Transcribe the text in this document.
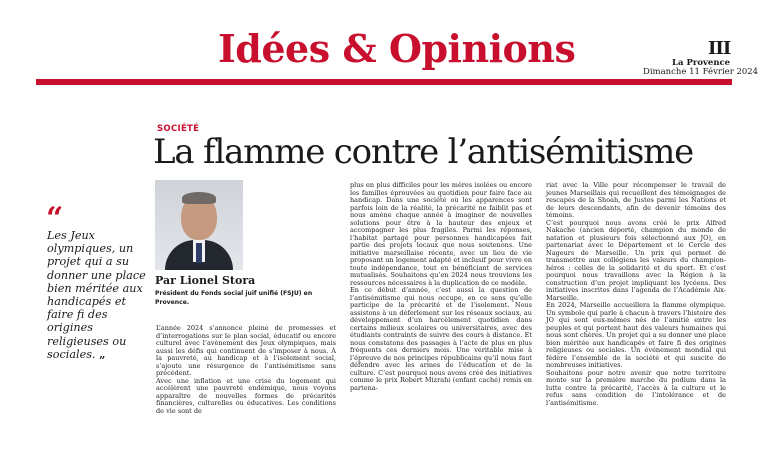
Idées & Opinions	III
La Provence
Dimanche 11 Février 2024
SOCIÉTÉ
La flamme contre l’antisémitisme
“
Les Jeux olympiques, un projet qui a su donner une place bien méritée aux handicapés et faire fi des origines religieuses ou sociales. „
Par Lionel Stora
Président du Fonds social juif unifié (FSJU) en Provence.

L’année 2024 s’annonce pleine de promesses et d’interrogations sur le plan social, éducatif ou encore culturel avec l’avènement des Jeux olympiques, mais aussi les défis qui continuent de s’imposer à nous. À la pauvreté, au handicap et à l’isolement social, s’ajoute une résurgence de l’antisémitisme sans précédent.

Avec une inflation et une crise du logement qui accélèrent une pauvreté endémique, nous voyons apparaître de nouvelles formes de précarités financières, culturelles ou éducatives. Les conditions de vie sont de

plus en plus difficiles pour les mères isolées ou encore les familles éprouvées au quotidien pour faire face au handicap. Dans une société où les apparences sont parfois loin de la réalité, la précarité ne faiblit pas et nous amène chaque année à imaginer de nouvelles solutions pour être à la hauteur des enjeux et accompagner les plus fragiles. Parmi les réponses, l’habitat partagé pour personnes handicapées fait partie des projets locaux que nous soutenons. Une initiative marseillaise récente, avec un lieu de vie proposant un logement adapté et inclusif pour vivre en toute indépendance, tout en bénéficiant de services mutualisés. Souhaitons qu’en 2024 nous trouvions les ressources nécessaires à la duplication de ce modèle.

En ce début d’année, c’est aussi la question de l’antisémitisme qui nous occupe, en ce sens qu’elle participe de la précarité et de l’isolement. Nous assistons à un déferlement sur les réseaux sociaux, au développement d’un harcèlement quotidien dans certains milieux scolaires ou universitaires, avec des étudiants contraints de suivre des cours à distance. Et nous constatons des passages à l’acte de plus en plus fréquents ces derniers mois. Une véritable mise à l’épreuve de nos principes républicains qu’il nous faut défendre avec les armes de l’éducation et de la culture. C’est pourquoi nous avons créé des initiatives comme le prix Robert Mizrahi (enfant caché) remis en partena-

riat avec la Ville pour récompenser le travail de jeunes Marseillais qui recueillent des témoignages de rescapés de la Shoah, de Justes parmi les Nations et de leurs descendants, afin de devenir témoins des témoins.

C’est pourquoi nous avons créé le prix Alfred Nakache (ancien déporté, champion du monde de natation et plusieurs fois sélectionné aux JO), en partenariat avec le Département et le Cercle des Nageurs de Marseille. Un prix qui permet de transmettre aux collégiens les valeurs du champion-héros : celles de la solidarité et du sport. Et c’est pourquoi nous travaillons avec la Région à la construction d’un projet impliquant les lycéens. Des initiatives inscrites dans l’agenda de l’Académie Aix-Marseille.

En 2024, Marseille accueillera la flamme olympique. Un symbole qui parle à chacun à travers l’histoire des JO qui sont eux-mêmes nés de l’amitié entre les peuples et qui portent haut des valeurs humaines qui nous sont chères. Un projet qui a su donner une place bien méritée aux handicapés et faire fi des origines religieuses ou sociales. Un événement mondial qui fédère l’ensemble de la société et qui suscite de nombreuses initiatives.

Souhaitons pour notre avenir que notre territoire monte sur la première marche du podium dans la lutte contre la précarité, l’accès à la culture et le refus sans condition de l’intolérance et de l’antisémitisme.
